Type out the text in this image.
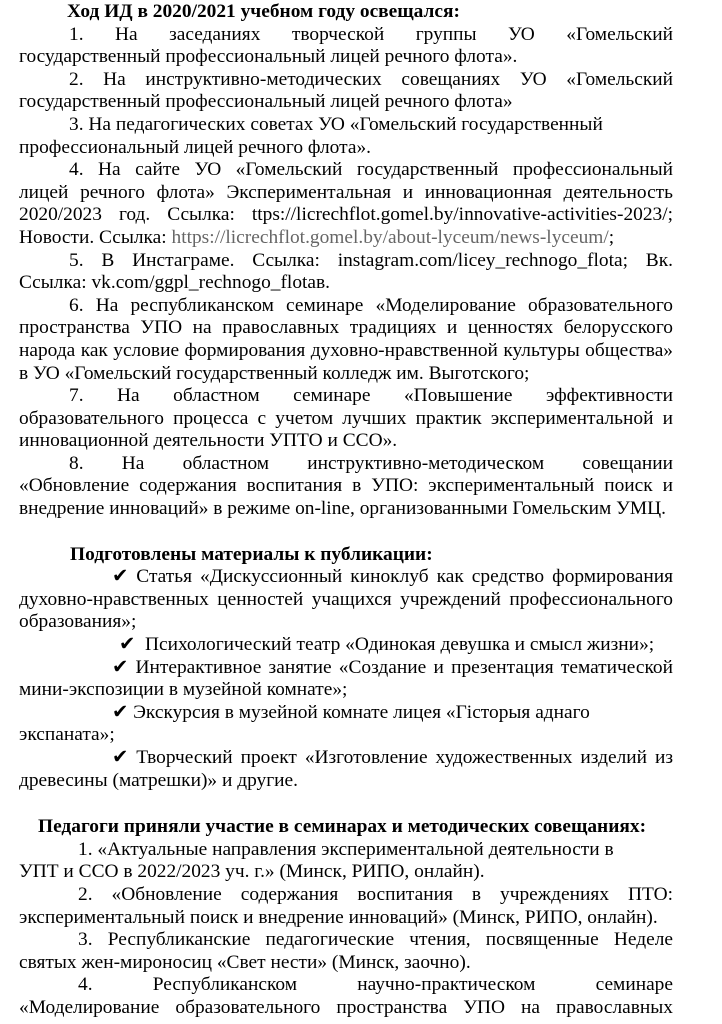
Ход ИД в 2020/2021 учебном году освещался:
1. На заседаниях творческой группы УО «Гомельский
государственный профессиональный лицей речного флота».
2. На инструктивно-методических совещаниях УО «Гомельский
государственный профессиональный лицей речного флота»
3. На педагогических советах УО «Гомельский государственный
профессиональный лицей речного флота».
4. На сайте УО «Гомельский государственный профессиональный
лицей речного флота» Экспериментальная и инновационная деятельность
2020/2023 год. Ссылка: ttps://licrechflot.gomel.by/innovative-activities-2023/;
Новости. Ссылка: https://licrechflot.gomel.by/about-lyceum/news-lyceum/;
5. В Инстаграме. Ссылка: instagram.com/licey_rechnogo_flota; Вк.
Ссылка: vk.com/ggpl_rechnogo_flotав.
6. На республиканском семинаре «Моделирование образовательного
пространства УПО на православных традициях и ценностях белорусского
народа как условие формирования духовно-нравственной культуры общества»
в УО «Гомельский государственный колледж им. Выготского;
7. На областном семинаре «Повышение эффективности
образовательного процесса с учетом лучших практик экспериментальной и
инновационной деятельности УПТО и ССО».
8. На областном инструктивно-методическом совещании
«Обновление содержания воспитания в УПО: экспериментальный поиск и
внедрение инноваций» в режиме on-line, организованными Гомельским УМЦ.
Подготовлены материалы к публикации:
✔ Статья «Дискуссионный киноклуб как средство формирования
духовно-нравственных ценностей учащихся учреждений профессионального
образования»;
✔ Психологический театр «Одинокая девушка и смысл жизни»;
✔ Интерактивное занятие «Создание и презентация тематической
мини-экспозиции в музейной комнате»;
✔ Экскурсия в музейной комнате лицея «Гісторыя аднаго
экспаната»;
✔ Творческий проект «Изготовление художественных изделий из
древесины (матрешки)» и другие.
Педагоги приняли участие в семинарах и методических совещаниях:
1. «Актуальные направления экспериментальной деятельности в
УПТ и ССО в 2022/2023 уч. г.» (Минск, РИПО, онлайн).
2. «Обновление содержания воспитания в учреждениях ПТО:
экспериментальный поиск и внедрение инноваций» (Минск, РИПО, онлайн).
3. Республиканские педагогические чтения, посвященные Неделе
святых жен-мироносиц «Свет нести» (Минск, заочно).
4. Республиканском научно-практическом семинаре
«Моделирование образовательного пространства УПО на православных
